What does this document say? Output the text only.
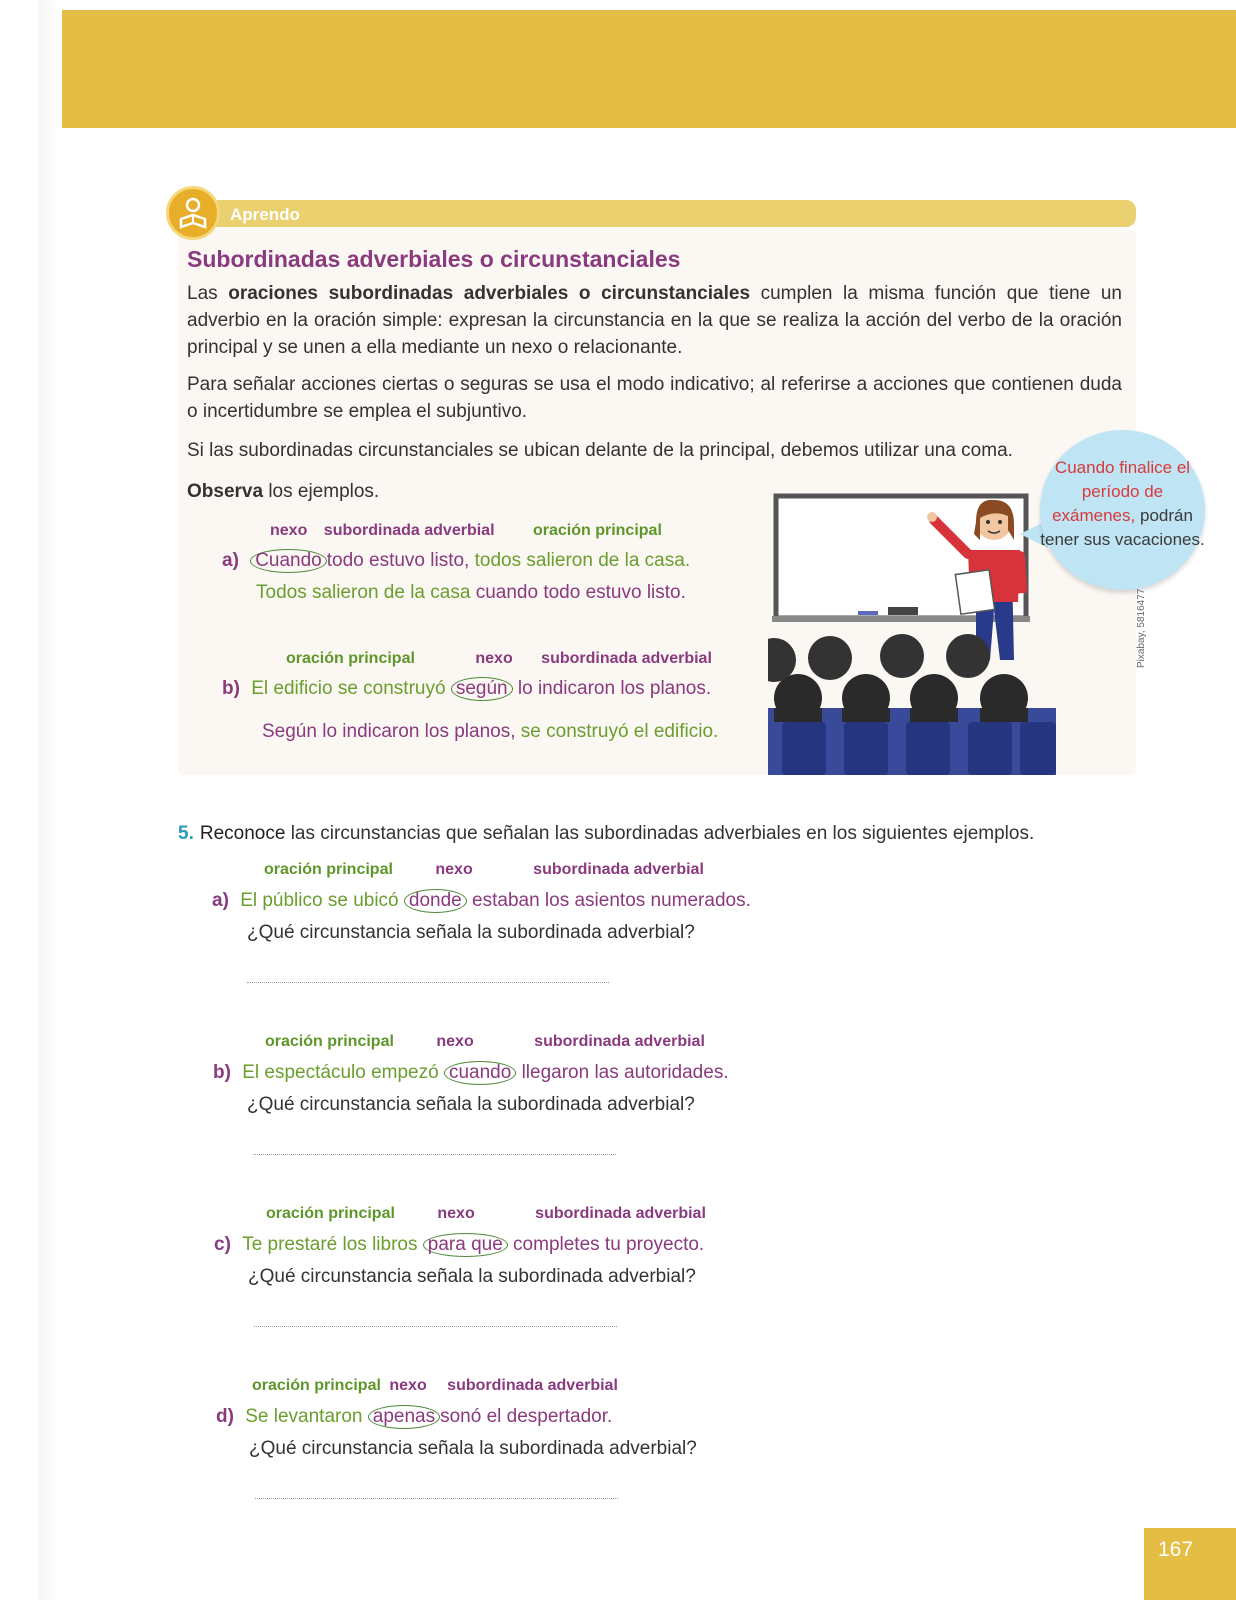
Aprendo
Subordinadas adverbiales o circunstanciales
Las oraciones subordinadas adverbiales o circunstanciales cumplen la misma función que tiene un adverbio en la oración simple: expresan la circunstancia en la que se realiza la acción del verbo de la oración principal y se unen a ella mediante un nexo o relacionante.
Para señalar acciones ciertas o seguras se usa el modo indicativo; al referirse a acciones que contienen duda o incertidumbre se emplea el subjuntivo.
Si las subordinadas circunstanciales se ubican delante de la principal, debemos utilizar una coma.
Observa los ejemplos.
nexo subordinada adverbial oración principal
a) Cuando todo estuvo listo, todos salieron de la casa.
Todos salieron de la casa cuando todo estuvo listo.
oración principal	nexo subordinada adverbial
b) El edificio se construyó según lo indicaron los planos.
Según lo indicaron los planos, se construyó el edificio.
Cuando finalice el período de exámenes, podrán tener sus vacaciones.
Pixabay, 5816477
5. Reconoce las circunstancias que señalan las subordinadas adverbiales en los siguientes ejemplos.
oración principal	nexo	subordinada adverbial
a) El público se ubicó donde estaban los asientos numerados.
¿Qué circunstancia señala la subordinada adverbial?
oración principal	nexo	subordinada adverbial
b) El espectáculo empezó cuando llegaron las autoridades.
¿Qué circunstancia señala la subordinada adverbial?
oración principal	nexo	subordinada adverbial
c) Te prestaré los libros para que completes tu proyecto.
¿Qué circunstancia señala la subordinada adverbial?
oración principal nexo subordinada adverbial
d) Se levantaron apenas sonó el despertador.
¿Qué circunstancia señala la subordinada adverbial?
167
